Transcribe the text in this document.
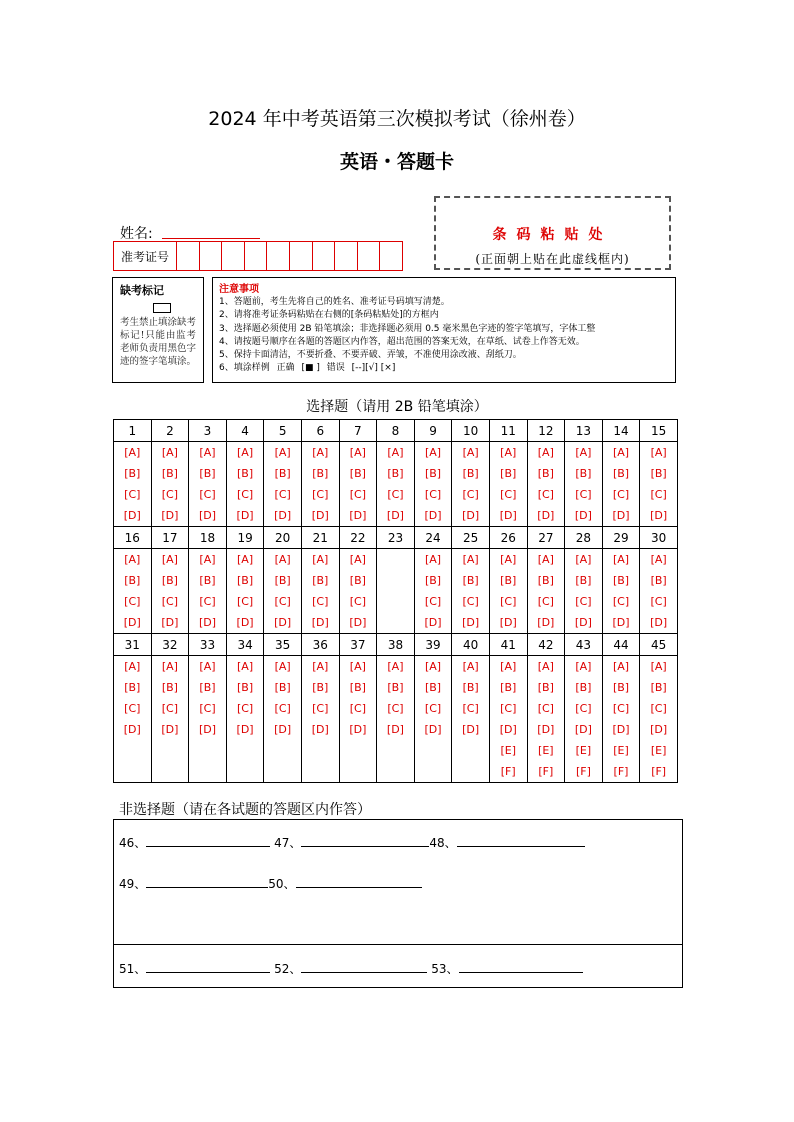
2024 年中考英语第三次模拟考试（徐州卷）
英语・答题卡
姓名:
准考证号
条码粘贴处
(正面朝上贴在此虚线框内)
缺考标记
考生禁止填涂缺考标记!只能由监考老师负责用黑色字迹的签字笔填涂。
注意事项
1、答题前，考生先将自己的姓名、准考证号码填写清楚。
2、请将准考证条码粘贴在右侧的[条码粘贴处]的方框内
3、选择题必须使用 2B 铅笔填涂；非选择题必须用 0.5 毫米黑色字迹的签字笔填写，字体工整
4、请按题号顺序在各题的答题区内作答，超出范围的答案无效，在草纸、试卷上作答无效。
5、保持卡面清洁，不要折叠、不要弄破、弄皱，不准使用涂改液、刮纸刀。
6、填涂样例 正确 [■ ] 错误 [--][√] [×]
选择题（请用 2B 铅笔填涂）
1	2	3	4	5	6	7	8	9	10	11	12	13	14	15
[A]	[A]	[A]	[A]	[A]	[A]	[A]	[A]	[A]	[A]	[A]	[A]	[A]	[A]	[A]
[B]	[B]	[B]	[B]	[B]	[B]	[B]	[B]	[B]	[B]	[B]	[B]	[B]	[B]	[B]
[C]	[C]	[C]	[C]	[C]	[C]	[C]	[C]	[C]	[C]	[C]	[C]	[C]	[C]	[C]
[D]	[D]	[D]	[D]	[D]	[D]	[D]	[D]	[D]	[D]	[D]	[D]	[D]	[D]	[D]
16	17	18	19	20	21	22	23	24	25	26	27	28	29	30
[A]	[A]	[A]	[A]	[A]	[A]	[A]		[A]	[A]	[A]	[A]	[A]	[A]	[A]
[B]	[B]	[B]	[B]	[B]	[B]	[B]		[B]	[B]	[B]	[B]	[B]	[B]	[B]
[C]	[C]	[C]	[C]	[C]	[C]	[C]		[C]	[C]	[C]	[C]	[C]	[C]	[C]
[D]	[D]	[D]	[D]	[D]	[D]	[D]		[D]	[D]	[D]	[D]	[D]	[D]	[D]
31	32	33	34	35	36	37	38	39	40	41	42	43	44	45
[A]	[A]	[A]	[A]	[A]	[A]	[A]	[A]	[A]	[A]	[A]	[A]	[A]	[A]	[A]
[B]	[B]	[B]	[B]	[B]	[B]	[B]	[B]	[B]	[B]	[B]	[B]	[B]	[B]	[B]
[C]	[C]	[C]	[C]	[C]	[C]	[C]	[C]	[C]	[C]	[C]	[C]	[C]	[C]	[C]
[D]	[D]	[D]	[D]	[D]	[D]	[D]	[D]	[D]	[D]	[D]	[D]	[D]	[D]	[D]
										[E]	[E]	[E]	[E]	[E]
										[F]	[F]	[F]	[F]	[F]
非选择题（请在各试题的答题区内作答）
46、	47、	48、
49、	50、
51、	52、	53、
